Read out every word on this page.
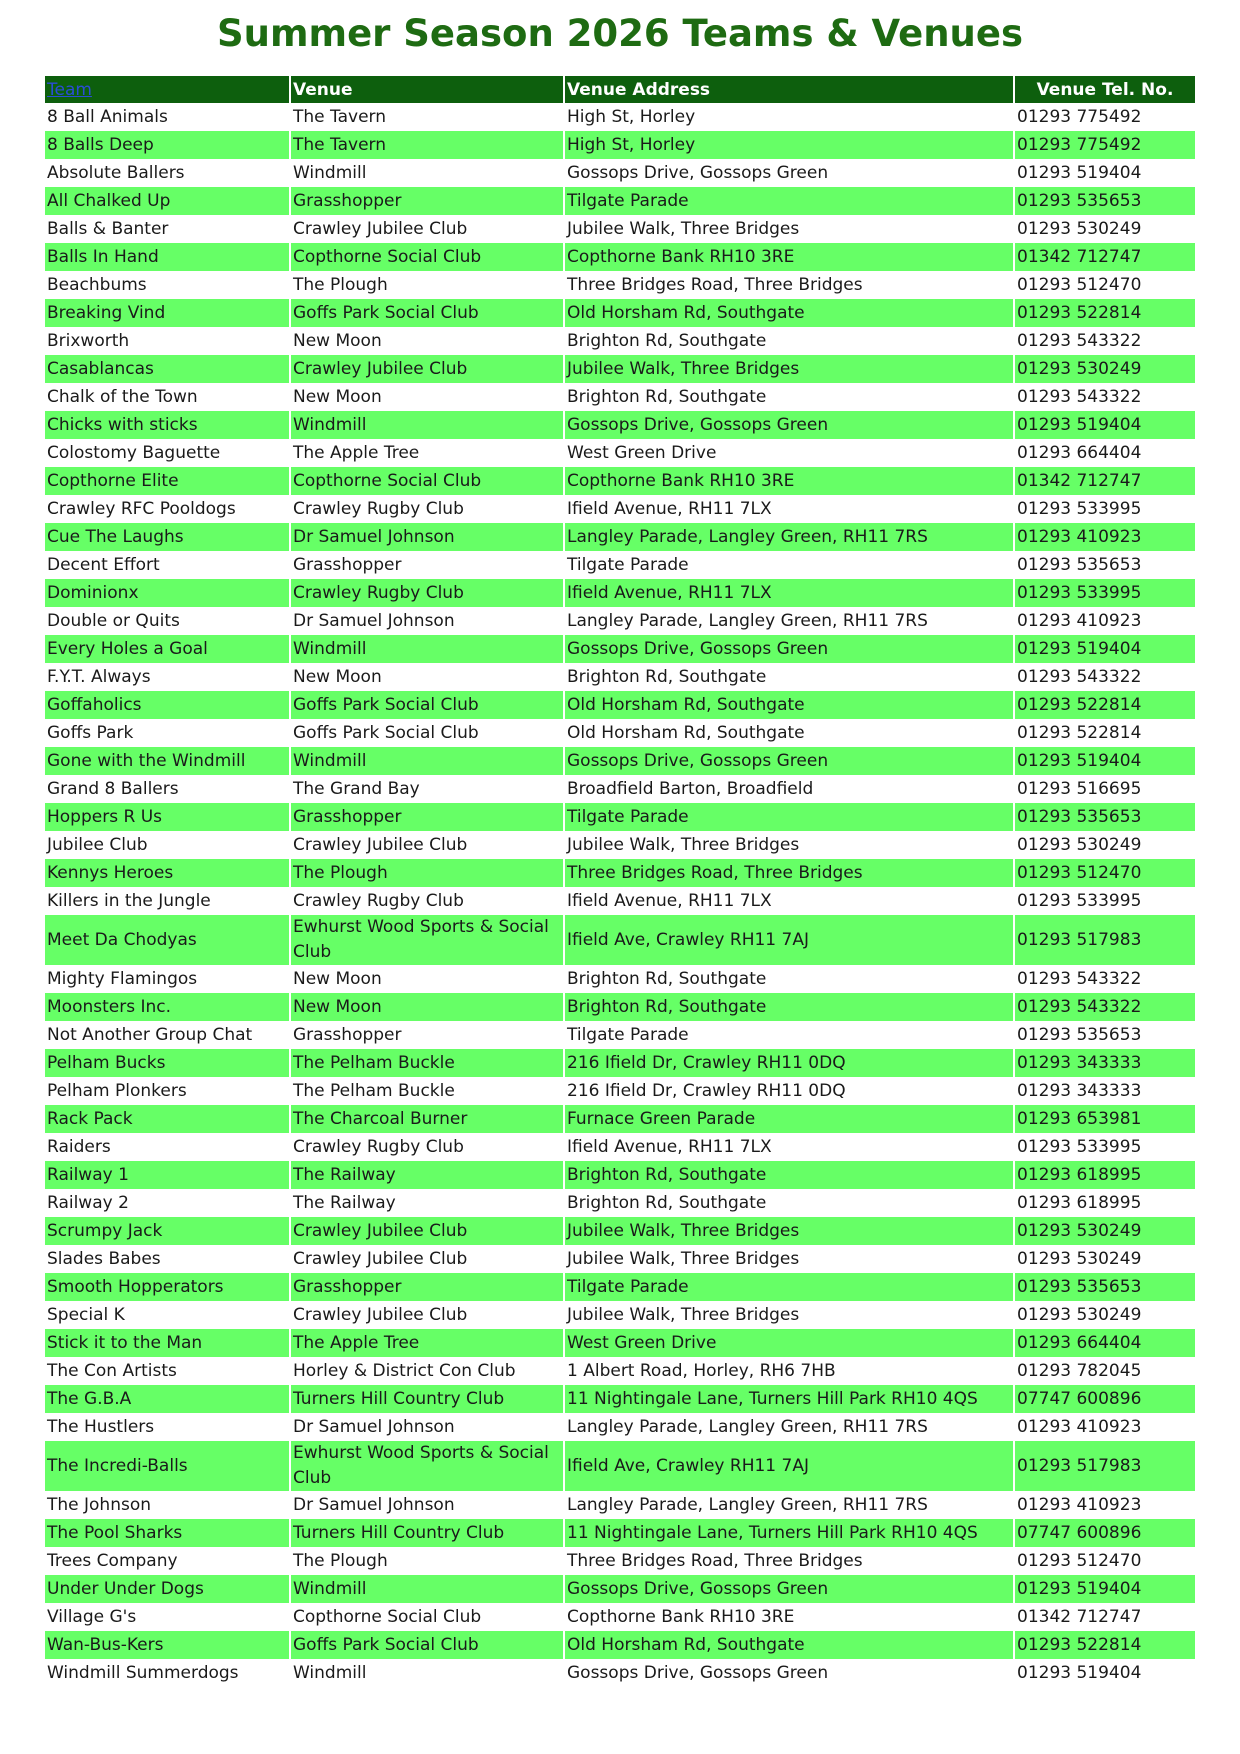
Summer Season 2026 Teams & Venues
Team	Venue	Venue Address	Venue Tel. No.
8 Ball Animals	The Tavern	High St, Horley	01293 775492
8 Balls Deep	The Tavern	High St, Horley	01293 775492
Absolute Ballers	Windmill	Gossops Drive, Gossops Green	01293 519404
All Chalked Up	Grasshopper	Tilgate Parade	01293 535653
Balls & Banter	Crawley Jubilee Club	Jubilee Walk, Three Bridges	01293 530249
Balls In Hand	Copthorne Social Club	Copthorne Bank RH10 3RE	01342 712747
Beachbums	The Plough	Three Bridges Road, Three Bridges	01293 512470
Breaking Vind	Goffs Park Social Club	Old Horsham Rd, Southgate	01293 522814
Brixworth	New Moon	Brighton Rd, Southgate	01293 543322
Casablancas	Crawley Jubilee Club	Jubilee Walk, Three Bridges	01293 530249
Chalk of the Town	New Moon	Brighton Rd, Southgate	01293 543322
Chicks with sticks	Windmill	Gossops Drive, Gossops Green	01293 519404
Colostomy Baguette	The Apple Tree	West Green Drive	01293 664404
Copthorne Elite	Copthorne Social Club	Copthorne Bank RH10 3RE	01342 712747
Crawley RFC Pooldogs	Crawley Rugby Club	Ifield Avenue, RH11 7LX	01293 533995
Cue The Laughs	Dr Samuel Johnson	Langley Parade, Langley Green, RH11 7RS	01293 410923
Decent Effort	Grasshopper	Tilgate Parade	01293 535653
Dominionx	Crawley Rugby Club	Ifield Avenue, RH11 7LX	01293 533995
Double or Quits	Dr Samuel Johnson	Langley Parade, Langley Green, RH11 7RS	01293 410923
Every Holes a Goal	Windmill	Gossops Drive, Gossops Green	01293 519404
F.Y.T. Always	New Moon	Brighton Rd, Southgate	01293 543322
Goffaholics	Goffs Park Social Club	Old Horsham Rd, Southgate	01293 522814
Goffs Park	Goffs Park Social Club	Old Horsham Rd, Southgate	01293 522814
Gone with the Windmill	Windmill	Gossops Drive, Gossops Green	01293 519404
Grand 8 Ballers	The Grand Bay	Broadfield Barton, Broadfield	01293 516695
Hoppers R Us	Grasshopper	Tilgate Parade	01293 535653
Jubilee Club	Crawley Jubilee Club	Jubilee Walk, Three Bridges	01293 530249
Kennys Heroes	The Plough	Three Bridges Road, Three Bridges	01293 512470
Killers in the Jungle	Crawley Rugby Club	Ifield Avenue, RH11 7LX	01293 533995
Meet Da Chodyas	Ewhurst Wood Sports & Social Club	Ifield Ave, Crawley RH11 7AJ	01293 517983
Mighty Flamingos	New Moon	Brighton Rd, Southgate	01293 543322
Moonsters Inc.	New Moon	Brighton Rd, Southgate	01293 543322
Not Another Group Chat	Grasshopper	Tilgate Parade	01293 535653
Pelham Bucks	The Pelham Buckle	216 Ifield Dr, Crawley RH11 0DQ	01293 343333
Pelham Plonkers	The Pelham Buckle	216 Ifield Dr, Crawley RH11 0DQ	01293 343333
Rack Pack	The Charcoal Burner	Furnace Green Parade	01293 653981
Raiders	Crawley Rugby Club	Ifield Avenue, RH11 7LX	01293 533995
Railway 1	The Railway	Brighton Rd, Southgate	01293 618995
Railway 2	The Railway	Brighton Rd, Southgate	01293 618995
Scrumpy Jack	Crawley Jubilee Club	Jubilee Walk, Three Bridges	01293 530249
Slades Babes	Crawley Jubilee Club	Jubilee Walk, Three Bridges	01293 530249
Smooth Hopperators	Grasshopper	Tilgate Parade	01293 535653
Special K	Crawley Jubilee Club	Jubilee Walk, Three Bridges	01293 530249
Stick it to the Man	The Apple Tree	West Green Drive	01293 664404
The Con Artists	Horley & District Con Club	1 Albert Road, Horley, RH6 7HB	01293 782045
The G.B.A	Turners Hill Country Club	11 Nightingale Lane, Turners Hill Park RH10 4QS	07747 600896
The Hustlers	Dr Samuel Johnson	Langley Parade, Langley Green, RH11 7RS	01293 410923
The Incredi-Balls	Ewhurst Wood Sports & Social Club	Ifield Ave, Crawley RH11 7AJ	01293 517983
The Johnson	Dr Samuel Johnson	Langley Parade, Langley Green, RH11 7RS	01293 410923
The Pool Sharks	Turners Hill Country Club	11 Nightingale Lane, Turners Hill Park RH10 4QS	07747 600896
Trees Company	The Plough	Three Bridges Road, Three Bridges	01293 512470
Under Under Dogs	Windmill	Gossops Drive, Gossops Green	01293 519404
Village G's	Copthorne Social Club	Copthorne Bank RH10 3RE	01342 712747
Wan-Bus-Kers	Goffs Park Social Club	Old Horsham Rd, Southgate	01293 522814
Windmill Summerdogs	Windmill	Gossops Drive, Gossops Green	01293 519404
